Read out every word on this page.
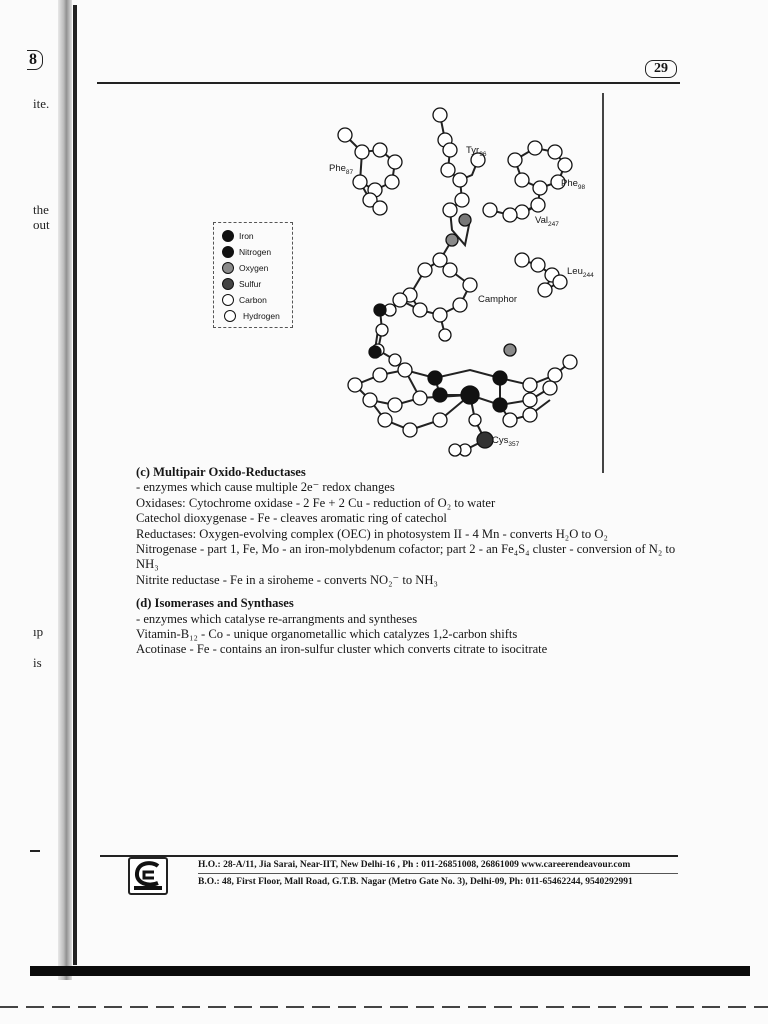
8
29
ite.
the
out
ıp
is
Phe$_{87}$
Tyr$_{96}$
Phe$_{98}$
Val$_{247}$
Leu$_{244}$
Camphor
Cys$_{357}$
Iron
Nitrogen
Oxygen
Sulfur
Carbon
Hydrogen
(c) Multipair Oxido-Reductases
- enzymes which cause multiple 2e⁻ redox changes
Oxidases: Cytochrome oxidase - 2 Fe + 2 Cu - reduction of O₂ to water
Catechol dioxygenase - Fe - cleaves aromatic ring of catechol
Reductases: Oxygen-evolving complex (OEC) in photosystem II - 4 Mn - converts H₂O to O₂
Nitrogenase - part 1, Fe, Mo - an iron-molybdenum cofactor; part 2 - an Fe₄S₄ cluster - conversion of N₂ to NH₃
Nitrite reductase - Fe in a siroheme - converts NO₂⁻ to NH₃
(d) Isomerases and Synthases
- enzymes which catalyse re-arrangments and syntheses
Vitamin-B₁₂ - Co - unique organometallic which catalyzes 1,2-carbon shifts
Acotinase - Fe - contains an iron-sulfur cluster which converts citrate to isocitrate
H.O.: 28-A/11, Jia Sarai, Near-IIT, New Delhi-16 , Ph : 011-26851008, 26861009 www.careerendeavour.com
B.O.: 48, First Floor, Mall Road, G.T.B. Nagar (Metro Gate No. 3), Delhi-09, Ph: 011-65462244, 9540292991
